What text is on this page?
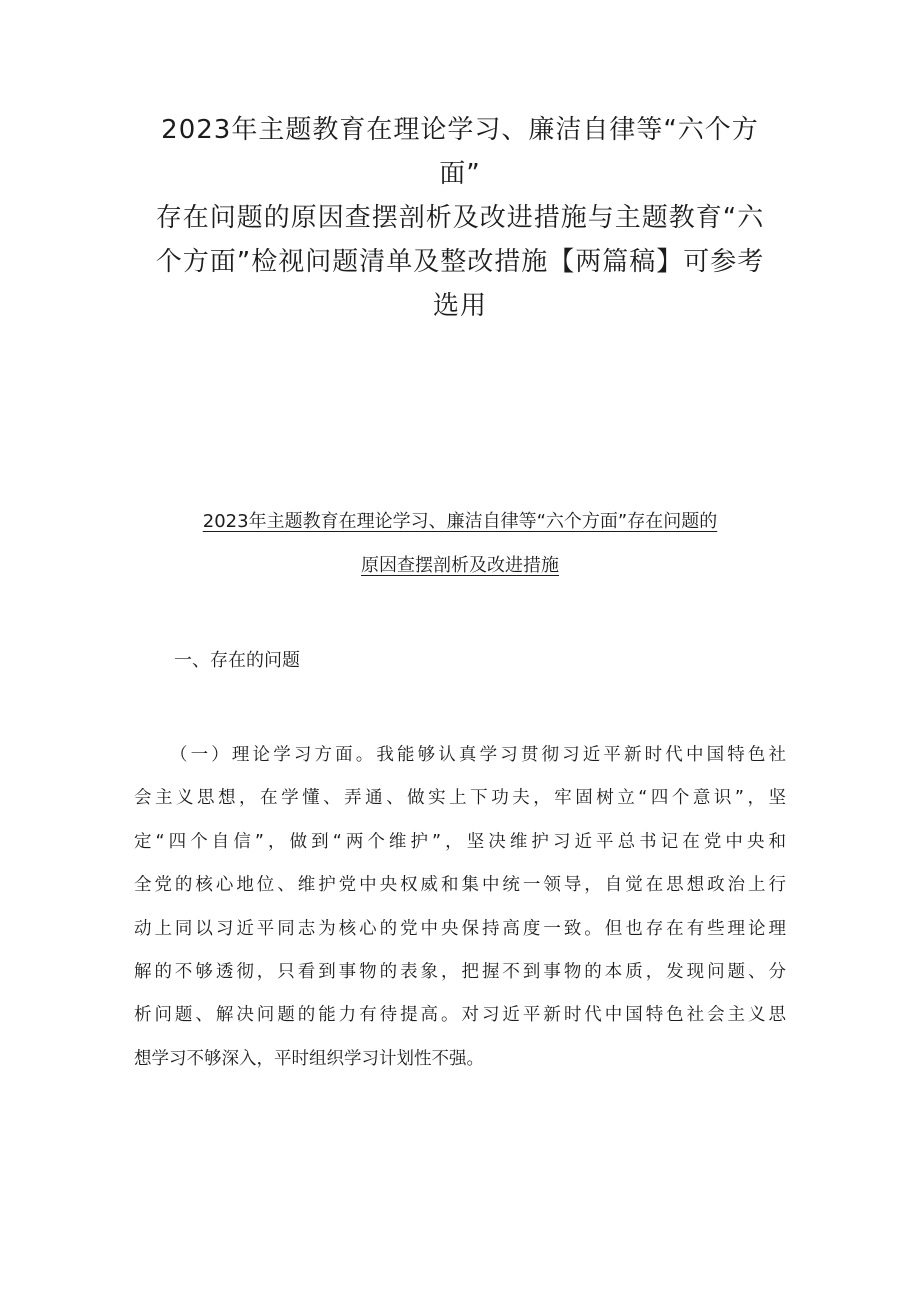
2023年主题教育在理论学习、廉洁自律等“六个方
面”
存在问题的原因查摆剖析及改进措施与主题教育“六
个方面”检视问题清单及整改措施【两篇稿】可参考
选用
2023年主题教育在理论学习、廉洁自律等“六个方面”存在问题的
原因查摆剖析及改进措施
一、存在的问题
（一）理论学习方面。我能够认真学习贯彻习近平新时代中国特色社
会主义思想，在学懂、弄通、做实上下功夫，牢固树立“四个意识”，坚
定“四个自信”，做到“两个维护”，坚决维护习近平总书记在党中央和
全党的核心地位、维护党中央权威和集中统一领导，自觉在思想政治上行
动上同以习近平同志为核心的党中央保持高度一致。但也存在有些理论理
解的不够透彻，只看到事物的表象，把握不到事物的本质，发现问题、分
析问题、解决问题的能力有待提高。对习近平新时代中国特色社会主义思
想学习不够深入，平时组织学习计划性不强。
